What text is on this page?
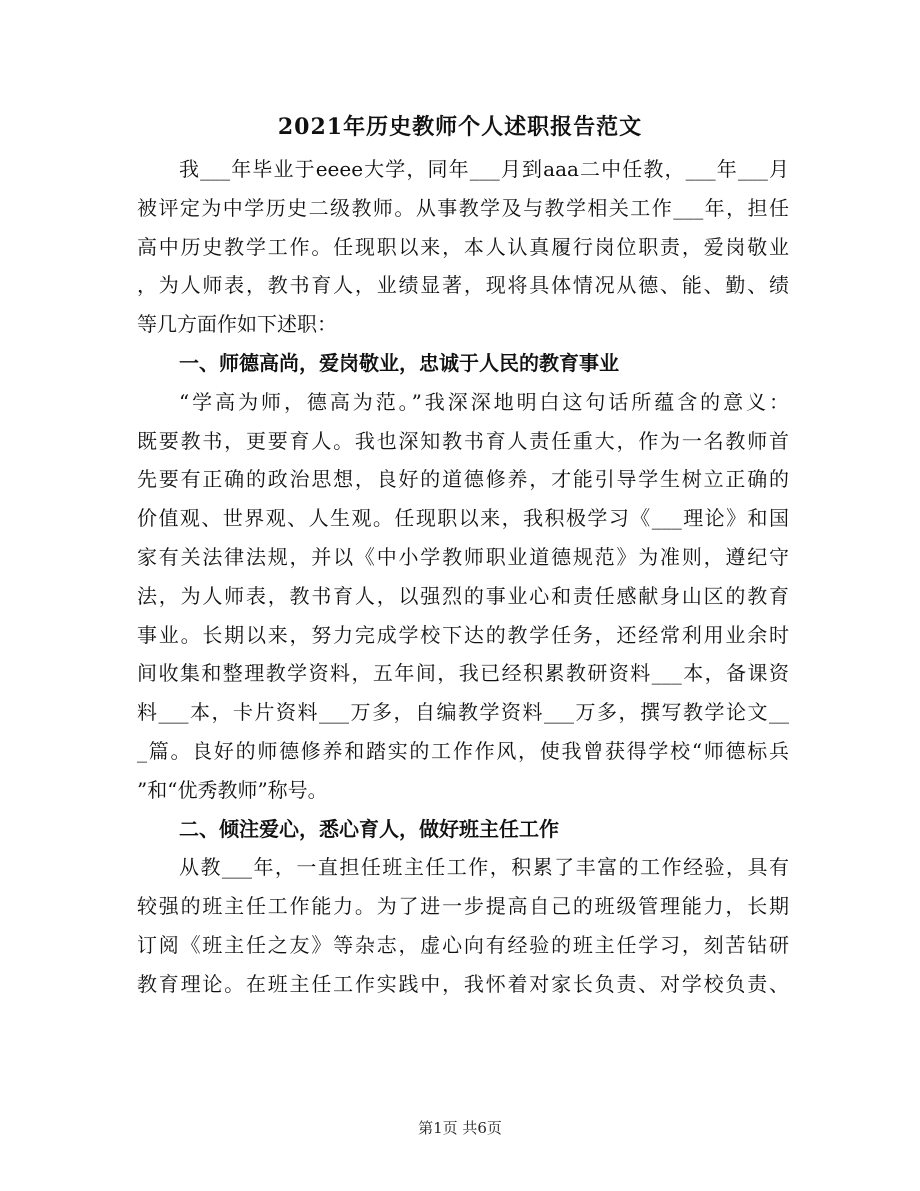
2021年历史教师个人述职报告范文
我___年毕业于eeee大学，同年___月到aaa二中任教，___年___月
被评定为中学历史二级教师。从事教学及与教学相关工作___年，担任
高中历史教学工作。任现职以来，本人认真履行岗位职责，爱岗敬业
，为人师表，教书育人，业绩显著，现将具体情况从德、能、勤、绩
等几方面作如下述职：
一、师德高尚，爱岗敬业，忠诚于人民的教育事业
“学高为师，德高为范。”我深深地明白这句话所蕴含的意义：
既要教书，更要育人。我也深知教书育人责任重大，作为一名教师首
先要有正确的政治思想，良好的道德修养，才能引导学生树立正确的
价值观、世界观、人生观。任现职以来，我积极学习《___理论》和国
家有关法律法规，并以《中小学教师职业道德规范》为准则，遵纪守
法，为人师表，教书育人，以强烈的事业心和责任感献身山区的教育
事业。长期以来，努力完成学校下达的教学任务，还经常利用业余时
间收集和整理教学资料，五年间，我已经积累教研资料___本，备课资
料___本，卡片资料___万多，自编教学资料___万多，撰写教学论文__
_篇。良好的师德修养和踏实的工作作风，使我曾获得学校“师德标兵
”和“优秀教师”称号。
二、倾注爱心，悉心育人，做好班主任工作
从教___年，一直担任班主任工作，积累了丰富的工作经验，具有
较强的班主任工作能力。为了进一步提高自己的班级管理能力，长期
订阅《班主任之友》等杂志，虚心向有经验的班主任学习，刻苦钻研
教育理论。在班主任工作实践中，我怀着对家长负责、对学校负责、
第1页 共6页
